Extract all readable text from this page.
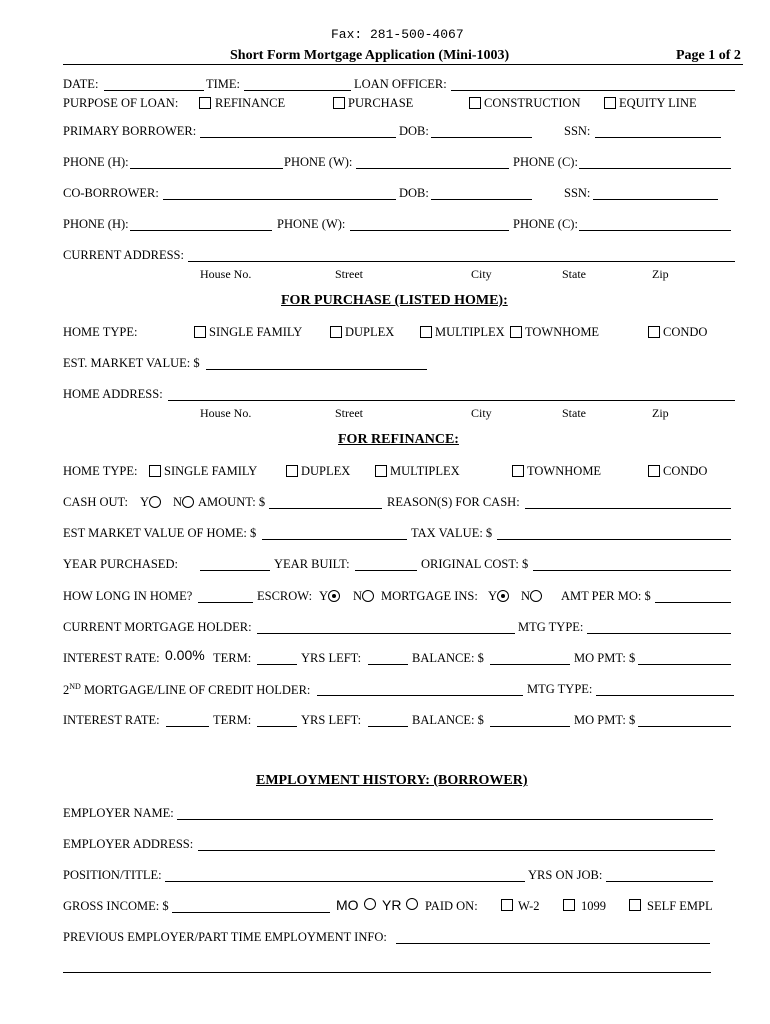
Fax: 281-500-4067
Short Form Mortgage Application (Mini-1003)	Page 1 of 2
DATE:	TIME:	LOAN OFFICER:
PURPOSE OF LOAN:	REFINANCE	PURCHASE	CONSTRUCTION	EQUITY LINE
PRIMARY BORROWER:	DOB:	SSN:
PHONE (H):	PHONE (W):	PHONE (C):
CO-BORROWER:	DOB:	SSN:
PHONE (H):	PHONE (W):	PHONE (C):
CURRENT ADDRESS:
House No.	Street	City	State	Zip
FOR PURCHASE (LISTED HOME):
HOME TYPE:	SINGLE FAMILY	DUPLEX	MULTIPLEX TOWNHOME	CONDO
EST. MARKET VALUE: $
HOME ADDRESS:
House No.	Street	City	State	Zip
FOR REFINANCE:
HOME TYPE: SINGLE FAMILY	DUPLEX	MULTIPLEX	TOWNHOME	CONDO
CASH OUT: Y N AMOUNT: $	REASON(S) FOR CASH:
EST MARKET VALUE OF HOME: $	TAX VALUE: $
YEAR PURCHASED:	YEAR BUILT:	ORIGINAL COST: $
HOW LONG IN HOME?	ESCROW: Y N MORTGAGE INS: Y N AMT PER MO: $
CURRENT MORTGAGE HOLDER:	MTG TYPE:
INTEREST RATE: 0.00% TERM:	YRS LEFT:	BALANCE: $	MO PMT: $
2ND MORTGAGE/LINE OF CREDIT HOLDER:	MTG TYPE:
INTEREST RATE:	TERM:	YRS LEFT:	BALANCE: $	MO PMT: $
EMPLOYMENT HISTORY: (BORROWER)
EMPLOYER NAME:
EMPLOYER ADDRESS:
POSITION/TITLE:	YRS ON JOB:
GROSS INCOME: $	MO YR PAID ON:	W-2	1099	SELF EMPL
PREVIOUS EMPLOYER/PART TIME EMPLOYMENT INFO:
